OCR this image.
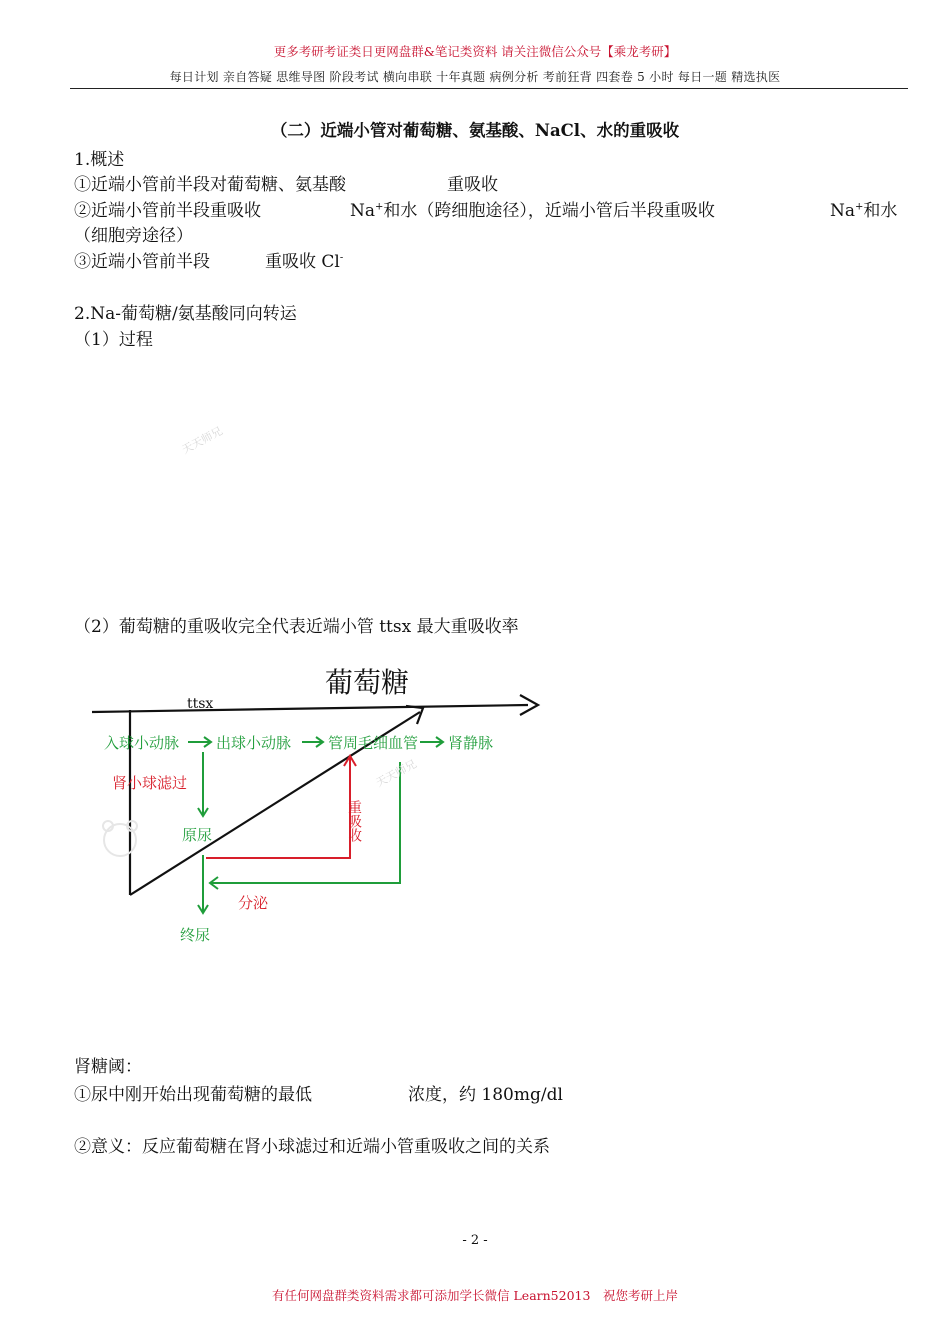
更多考研考证类日更网盘群&笔记类资料 请关注微信公众号【乘龙考研】
每日计划 亲自答疑 思维导图 阶段考试 横向串联 十年真题 病例分析 考前狂背 四套卷 5 小时 每日一题 精选执医
（二）近端小管对葡萄糖、氨基酸、NaCl、水的重吸收
1.概述
①近端小管前半段对葡萄糖、氨基酸	重吸收
②近端小管前半段重吸收	Na+和水（跨细胞途径），近端小管后半段重吸收	Na+和水
（细胞旁途径）
③近端小管前半段	重吸收 Cl-
2.Na-葡萄糖/氨基酸同向转运
（1）过程
天天师兄
（2）葡萄糖的重吸收完全代表近端小管 ttsx 最大重吸收率
葡萄糖
ttsx
入球小动脉 出球小动脉 管周毛细血管 肾静脉
原尿
终尿
分泌
肾小球滤过
重吸收
天天师兄
肾糖阈：
①尿中刚开始出现葡萄糖的最低	浓度，约 180mg/dl
②意义：反应葡萄糖在肾小球滤过和近端小管重吸收之间的关系
- 2 -
有任何网盘群类资料需求都可添加学长微信 Learn52013　祝您考研上岸
